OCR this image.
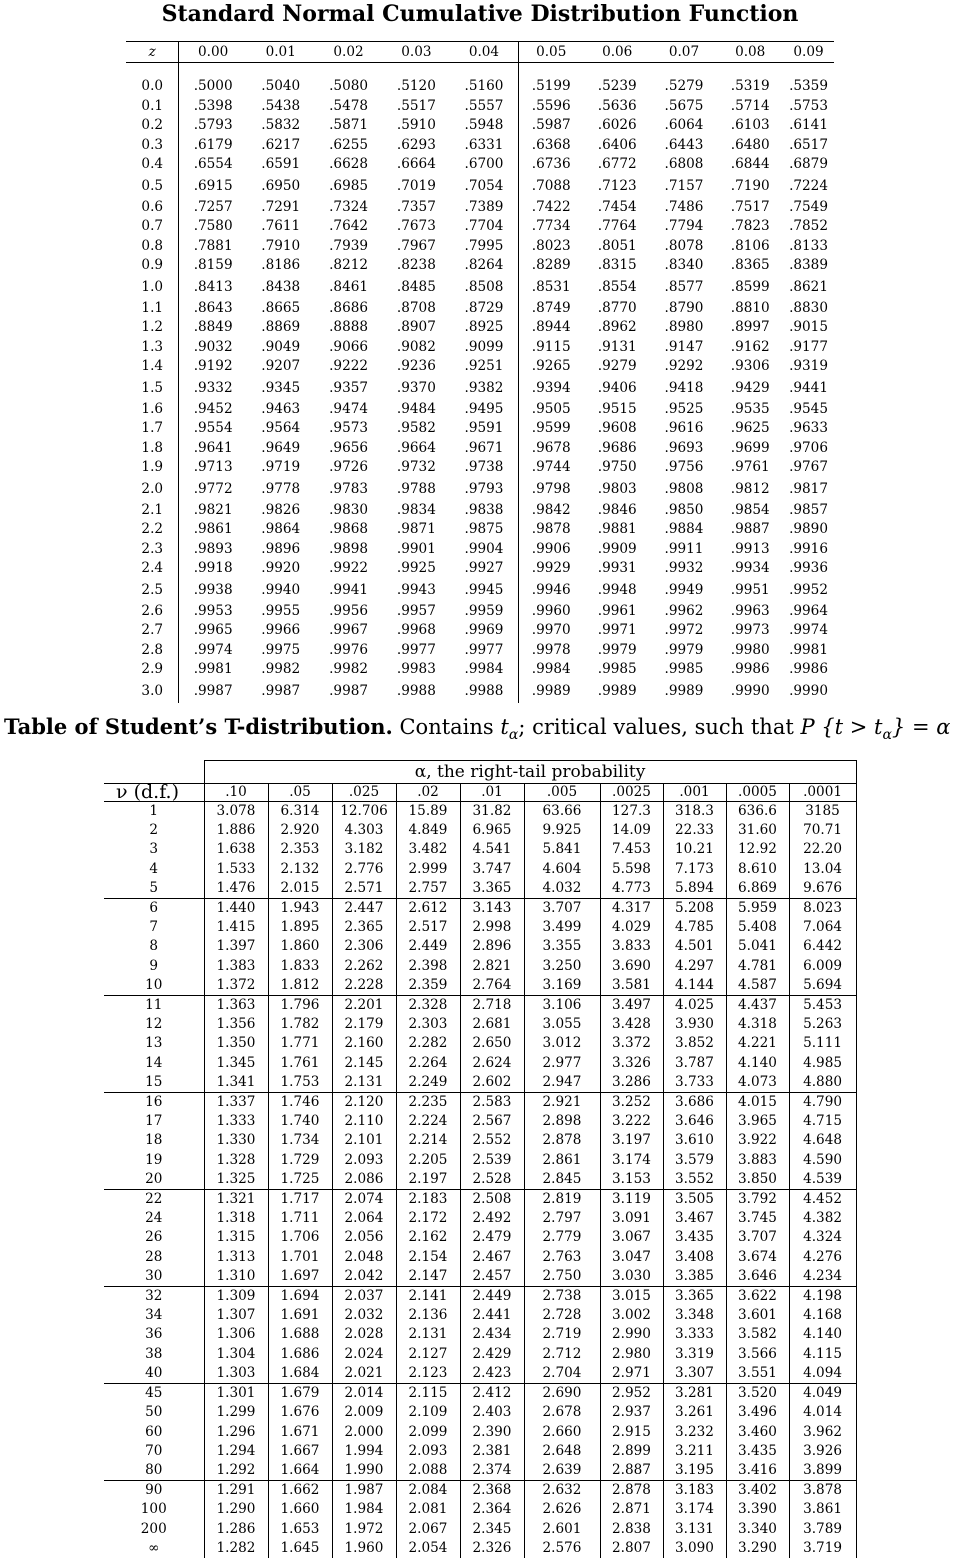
Standard Normal Cumulative Distribution Function
z	0.00	0.01	0.02	0.03	0.04	0.05	0.06	0.07	0.08	0.09

0.0	.5000	.5040	.5080	.5120	.5160	.5199	.5239	.5279	.5319	.5359
0.1	.5398	.5438	.5478	.5517	.5557	.5596	.5636	.5675	.5714	.5753
0.2	.5793	.5832	.5871	.5910	.5948	.5987	.6026	.6064	.6103	.6141
0.3	.6179	.6217	.6255	.6293	.6331	.6368	.6406	.6443	.6480	.6517
0.4	.6554	.6591	.6628	.6664	.6700	.6736	.6772	.6808	.6844	.6879
0.5	.6915	.6950	.6985	.7019	.7054	.7088	.7123	.7157	.7190	.7224
0.6	.7257	.7291	.7324	.7357	.7389	.7422	.7454	.7486	.7517	.7549
0.7	.7580	.7611	.7642	.7673	.7704	.7734	.7764	.7794	.7823	.7852
0.8	.7881	.7910	.7939	.7967	.7995	.8023	.8051	.8078	.8106	.8133
0.9	.8159	.8186	.8212	.8238	.8264	.8289	.8315	.8340	.8365	.8389
1.0	.8413	.8438	.8461	.8485	.8508	.8531	.8554	.8577	.8599	.8621
1.1	.8643	.8665	.8686	.8708	.8729	.8749	.8770	.8790	.8810	.8830
1.2	.8849	.8869	.8888	.8907	.8925	.8944	.8962	.8980	.8997	.9015
1.3	.9032	.9049	.9066	.9082	.9099	.9115	.9131	.9147	.9162	.9177
1.4	.9192	.9207	.9222	.9236	.9251	.9265	.9279	.9292	.9306	.9319
1.5	.9332	.9345	.9357	.9370	.9382	.9394	.9406	.9418	.9429	.9441
1.6	.9452	.9463	.9474	.9484	.9495	.9505	.9515	.9525	.9535	.9545
1.7	.9554	.9564	.9573	.9582	.9591	.9599	.9608	.9616	.9625	.9633
1.8	.9641	.9649	.9656	.9664	.9671	.9678	.9686	.9693	.9699	.9706
1.9	.9713	.9719	.9726	.9732	.9738	.9744	.9750	.9756	.9761	.9767
2.0	.9772	.9778	.9783	.9788	.9793	.9798	.9803	.9808	.9812	.9817
2.1	.9821	.9826	.9830	.9834	.9838	.9842	.9846	.9850	.9854	.9857
2.2	.9861	.9864	.9868	.9871	.9875	.9878	.9881	.9884	.9887	.9890
2.3	.9893	.9896	.9898	.9901	.9904	.9906	.9909	.9911	.9913	.9916
2.4	.9918	.9920	.9922	.9925	.9927	.9929	.9931	.9932	.9934	.9936
2.5	.9938	.9940	.9941	.9943	.9945	.9946	.9948	.9949	.9951	.9952
2.6	.9953	.9955	.9956	.9957	.9959	.9960	.9961	.9962	.9963	.9964
2.7	.9965	.9966	.9967	.9968	.9969	.9970	.9971	.9972	.9973	.9974
2.8	.9974	.9975	.9976	.9977	.9977	.9978	.9979	.9979	.9980	.9981
2.9	.9981	.9982	.9982	.9983	.9984	.9984	.9985	.9985	.9986	.9986
3.0	.9987	.9987	.9987	.9988	.9988	.9989	.9989	.9989	.9990	.9990
Table of Student’s T-distribution. Contains $t_\alpha$; critical values, such that P $\{t > t_\alpha\} = \alpha$
	α, the right-tail probability									
ν (d.f.)	.10	.05	.025	.02	.01	.005	.0025	.001	.0005	.0001
1	3.078	6.314	12.706	15.89	31.82	63.66	127.3	318.3	636.6	3185
2	1.886	2.920	4.303	4.849	6.965	9.925	14.09	22.33	31.60	70.71
3	1.638	2.353	3.182	3.482	4.541	5.841	7.453	10.21	12.92	22.20
4	1.533	2.132	2.776	2.999	3.747	4.604	5.598	7.173	8.610	13.04
5	1.476	2.015	2.571	2.757	3.365	4.032	4.773	5.894	6.869	9.676
6	1.440	1.943	2.447	2.612	3.143	3.707	4.317	5.208	5.959	8.023
7	1.415	1.895	2.365	2.517	2.998	3.499	4.029	4.785	5.408	7.064
8	1.397	1.860	2.306	2.449	2.896	3.355	3.833	4.501	5.041	6.442
9	1.383	1.833	2.262	2.398	2.821	3.250	3.690	4.297	4.781	6.009
10	1.372	1.812	2.228	2.359	2.764	3.169	3.581	4.144	4.587	5.694
11	1.363	1.796	2.201	2.328	2.718	3.106	3.497	4.025	4.437	5.453
12	1.356	1.782	2.179	2.303	2.681	3.055	3.428	3.930	4.318	5.263
13	1.350	1.771	2.160	2.282	2.650	3.012	3.372	3.852	4.221	5.111
14	1.345	1.761	2.145	2.264	2.624	2.977	3.326	3.787	4.140	4.985
15	1.341	1.753	2.131	2.249	2.602	2.947	3.286	3.733	4.073	4.880
16	1.337	1.746	2.120	2.235	2.583	2.921	3.252	3.686	4.015	4.790
17	1.333	1.740	2.110	2.224	2.567	2.898	3.222	3.646	3.965	4.715
18	1.330	1.734	2.101	2.214	2.552	2.878	3.197	3.610	3.922	4.648
19	1.328	1.729	2.093	2.205	2.539	2.861	3.174	3.579	3.883	4.590
20	1.325	1.725	2.086	2.197	2.528	2.845	3.153	3.552	3.850	4.539
22	1.321	1.717	2.074	2.183	2.508	2.819	3.119	3.505	3.792	4.452
24	1.318	1.711	2.064	2.172	2.492	2.797	3.091	3.467	3.745	4.382
26	1.315	1.706	2.056	2.162	2.479	2.779	3.067	3.435	3.707	4.324
28	1.313	1.701	2.048	2.154	2.467	2.763	3.047	3.408	3.674	4.276
30	1.310	1.697	2.042	2.147	2.457	2.750	3.030	3.385	3.646	4.234
32	1.309	1.694	2.037	2.141	2.449	2.738	3.015	3.365	3.622	4.198
34	1.307	1.691	2.032	2.136	2.441	2.728	3.002	3.348	3.601	4.168
36	1.306	1.688	2.028	2.131	2.434	2.719	2.990	3.333	3.582	4.140
38	1.304	1.686	2.024	2.127	2.429	2.712	2.980	3.319	3.566	4.115
40	1.303	1.684	2.021	2.123	2.423	2.704	2.971	3.307	3.551	4.094
45	1.301	1.679	2.014	2.115	2.412	2.690	2.952	3.281	3.520	4.049
50	1.299	1.676	2.009	2.109	2.403	2.678	2.937	3.261	3.496	4.014
60	1.296	1.671	2.000	2.099	2.390	2.660	2.915	3.232	3.460	3.962
70	1.294	1.667	1.994	2.093	2.381	2.648	2.899	3.211	3.435	3.926
80	1.292	1.664	1.990	2.088	2.374	2.639	2.887	3.195	3.416	3.899
90	1.291	1.662	1.987	2.084	2.368	2.632	2.878	3.183	3.402	3.878
100	1.290	1.660	1.984	2.081	2.364	2.626	2.871	3.174	3.390	3.861
200	1.286	1.653	1.972	2.067	2.345	2.601	2.838	3.131	3.340	3.789
∞	1.282	1.645	1.960	2.054	2.326	2.576	2.807	3.090	3.290	3.719
